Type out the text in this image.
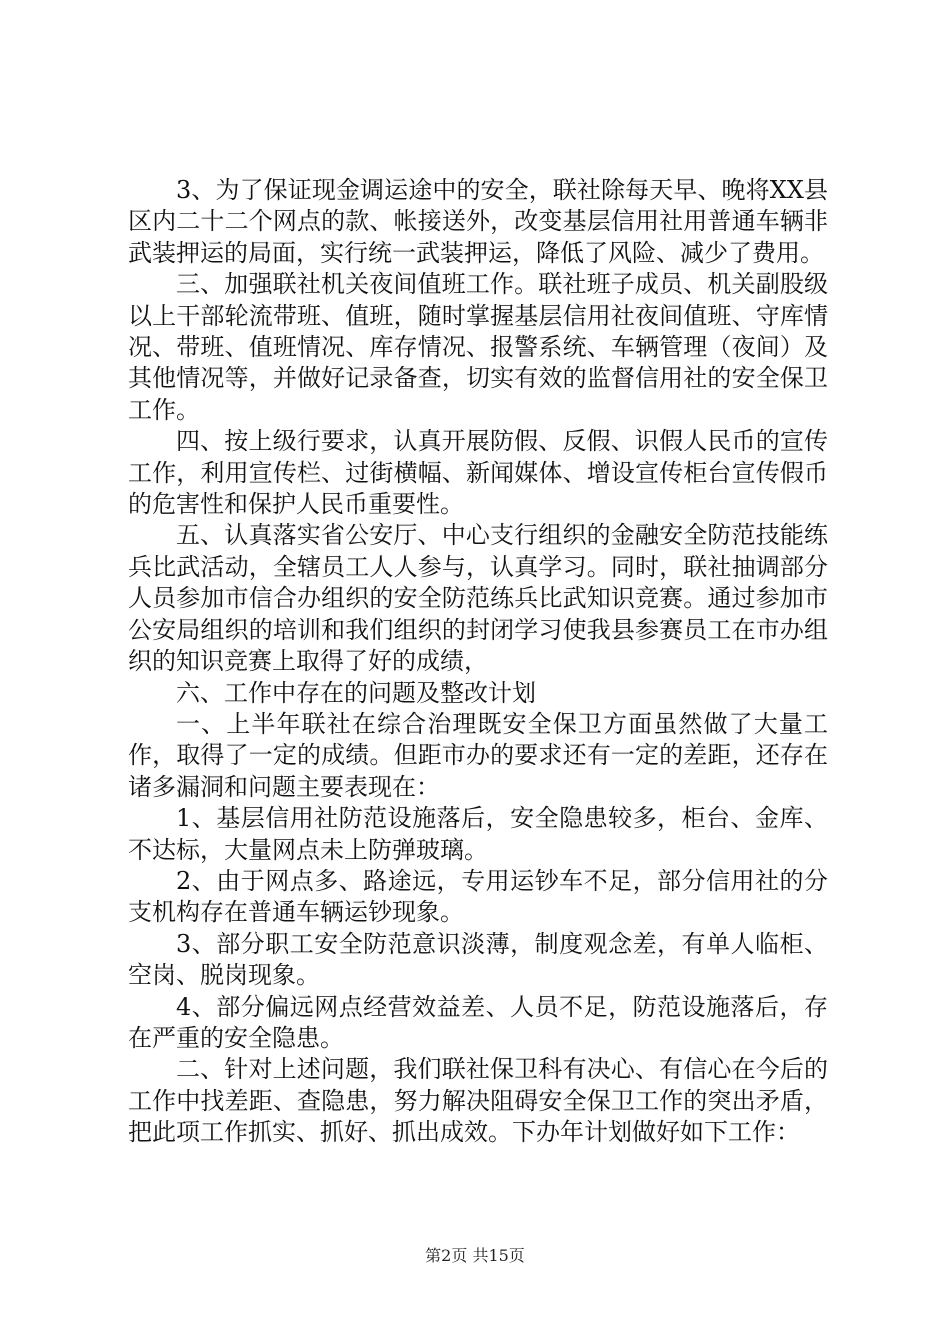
3、为了保证现金调运途中的安全，联社除每天早、晚将XX县区内二十二个网点的款、帐接送外，改变基层信用社用普通车辆非武装押运的局面，实行统一武装押运，降低了风险、减少了费用。

三、加强联社机关夜间值班工作。联社班子成员、机关副股级以上干部轮流带班、值班，随时掌握基层信用社夜间值班、守库情况、带班、值班情况、库存情况、报警系统、车辆管理（夜间）及其他情况等，并做好记录备查，切实有效的监督信用社的安全保卫工作。

四、按上级行要求，认真开展防假、反假、识假人民币的宣传工作，利用宣传栏、过街横幅、新闻媒体、增设宣传柜台宣传假币的危害性和保护人民币重要性。

五、认真落实省公安厅、中心支行组织的金融安全防范技能练兵比武活动，全辖员工人人参与，认真学习。同时，联社抽调部分人员参加市信合办组织的安全防范练兵比武知识竞赛。通过参加市公安局组织的培训和我们组织的封闭学习使我县参赛员工在市办组织的知识竞赛上取得了好的成绩，

六、工作中存在的问题及整改计划

一、上半年联社在综合治理既安全保卫方面虽然做了大量工作，取得了一定的成绩。但距市办的要求还有一定的差距，还存在诸多漏洞和问题主要表现在：

1、基层信用社防范设施落后，安全隐患较多，柜台、金库、不达标，大量网点未上防弹玻璃。

2、由于网点多、路途远，专用运钞车不足，部分信用社的分支机构存在普通车辆运钞现象。

3、部分职工安全防范意识淡薄，制度观念差，有单人临柜、空岗、脱岗现象。

4、部分偏远网点经营效益差、人员不足，防范设施落后，存在严重的安全隐患。

二、针对上述问题，我们联社保卫科有决心、有信心在今后的工作中找差距、查隐患，努力解决阻碍安全保卫工作的突出矛盾，把此项工作抓实、抓好、抓出成效。下办年计划做好如下工作：

第2页 共15页
